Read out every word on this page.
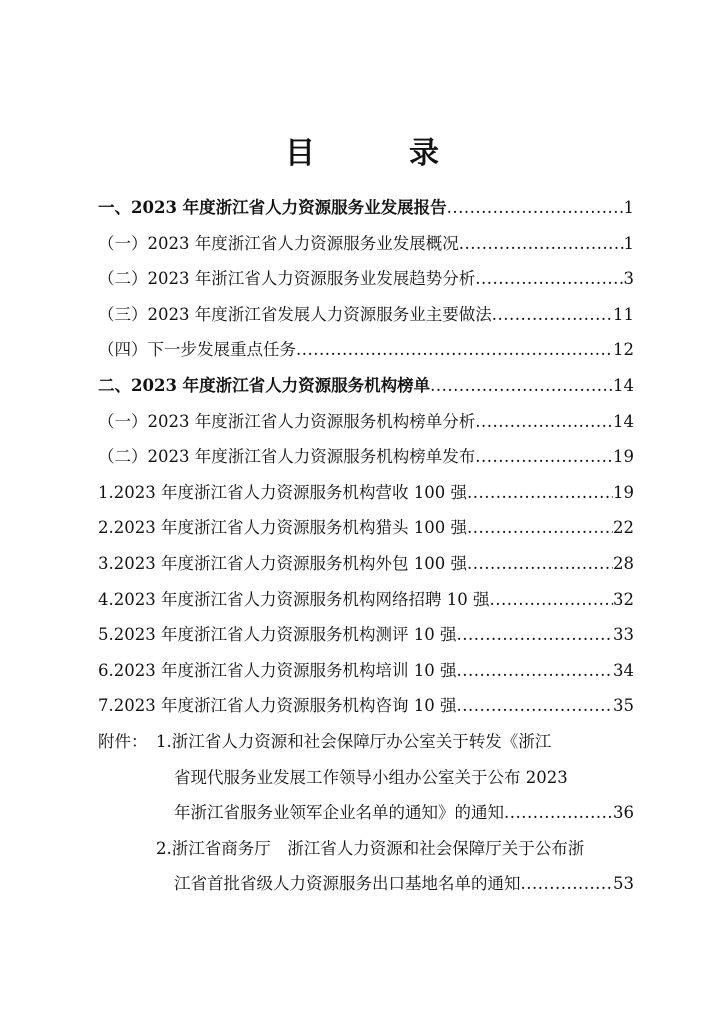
目　录
一、2023 年度浙江省人力资源服务业发展报告 .....	1
（一）2023 年度浙江省人力资源服务业发展概况 .....	1
（二）2023 年浙江省人力资源服务业发展趋势分析 .....	3
（三）2023 年度浙江省发展人力资源服务业主要做法 .....	11
（四）下一步发展重点任务 .....	12
二、2023 年度浙江省人力资源服务机构榜单 .....	14
（一）2023 年度浙江省人力资源服务机构榜单分析 .....	14
（二）2023 年度浙江省人力资源服务机构榜单发布 .....	19
1.2023 年度浙江省人力资源服务机构营收 100 强 .....	19
2.2023 年度浙江省人力资源服务机构猎头 100 强 .....	22
3.2023 年度浙江省人力资源服务机构外包 100 强 .....	28
4.2023 年度浙江省人力资源服务机构网络招聘 10 强 .....	32
5.2023 年度浙江省人力资源服务机构测评 10 强 .....	33
6.2023 年度浙江省人力资源服务机构培训 10 强 .....	34
7.2023 年度浙江省人力资源服务机构咨询 10 强 .....	35
附件： 1.浙江省人力资源和社会保障厅办公室关于转发《浙江
省现代服务业发展工作领导小组办公室关于公布 2023
年浙江省服务业领军企业名单的通知》的通知 .....	36
2.浙江省商务厅　浙江省人力资源和社会保障厅关于公布浙
江省首批省级人力资源服务出口基地名单的通知 .....	53
